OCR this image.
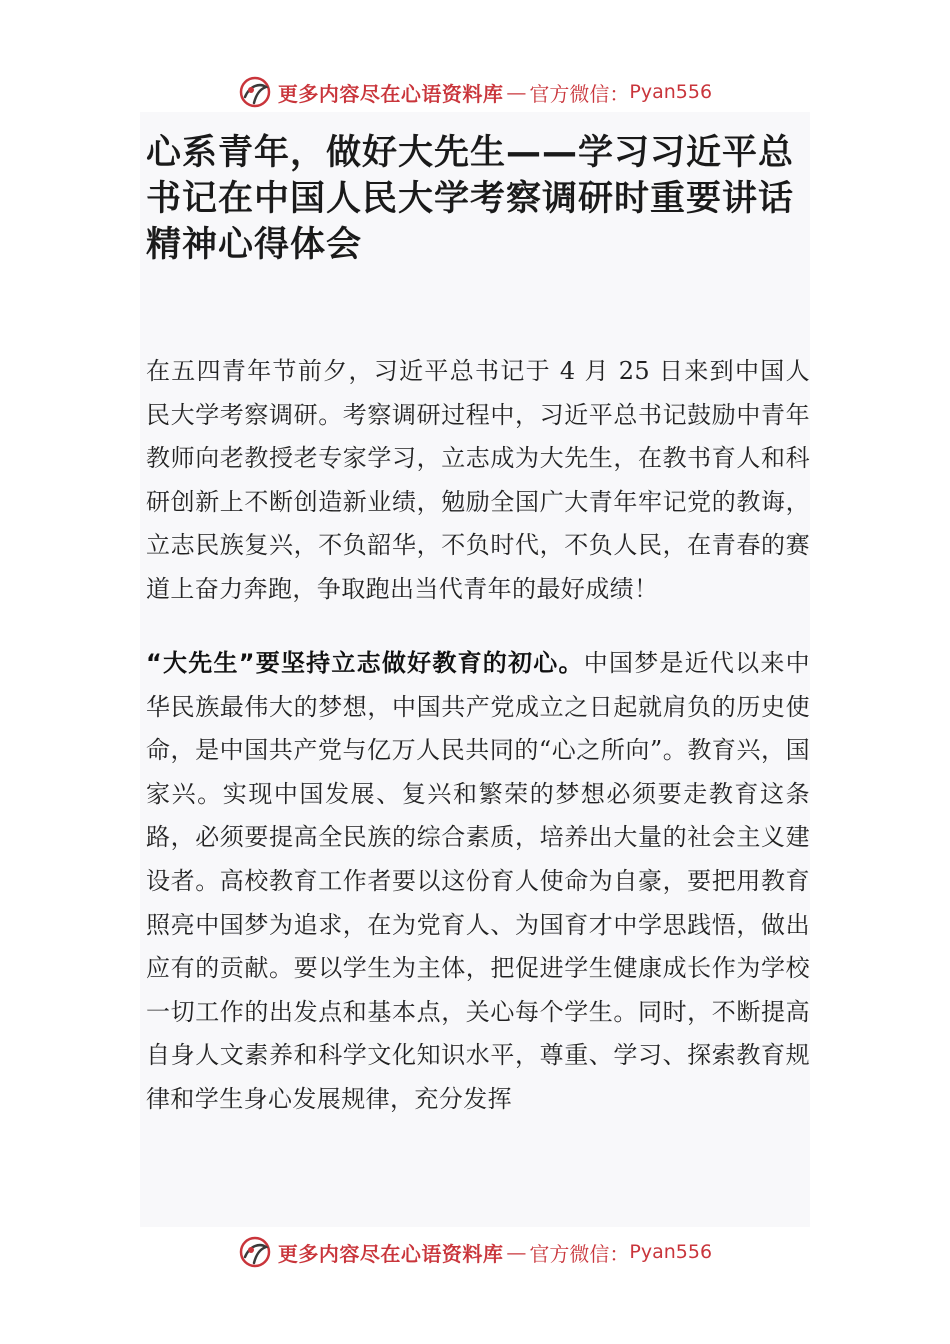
更多内容尽在心语资料库 — 官方微信： Pyan556
心系青年，做好大先生——学习习近平总书记在中国人民大学考察调研时重要讲话精神心得体会

在五四青年节前夕，习近平总书记于 4 月 25 日来到中国人民大学考察调研。考察调研过程中，习近平总书记鼓励中青年教师向老教授老专家学习，立志成为大先生，在教书育人和科研创新上不断创造新业绩，勉励全国广大青年牢记党的教诲，立志民族复兴，不负韶华，不负时代，不负人民，在青春的赛道上奋力奔跑，争取跑出当代青年的最好成绩！

“大先生”要坚持立志做好教育的初心。中国梦是近代以来中华民族最伟大的梦想，中国共产党成立之日起就肩负的历史使命，是中国共产党与亿万人民共同的“心之所向”。教育兴，国家兴。实现中国发展、复兴和繁荣的梦想必须要走教育这条路，必须要提高全民族的综合素质，培养出大量的社会主义建设者。高校教育工作者要以这份育人使命为自豪，要把用教育照亮中国梦为追求，在为党育人、为国育才中学思践悟，做出应有的贡献。要以学生为主体，把促进学生健康成长作为学校一切工作的出发点和基本点，关心每个学生。同时，不断提高自身人文素养和科学文化知识水平，尊重、学习、探索教育规律和学生身心发展规律，充分发挥

更多内容尽在心语资料库 — 官方微信： Pyan556
